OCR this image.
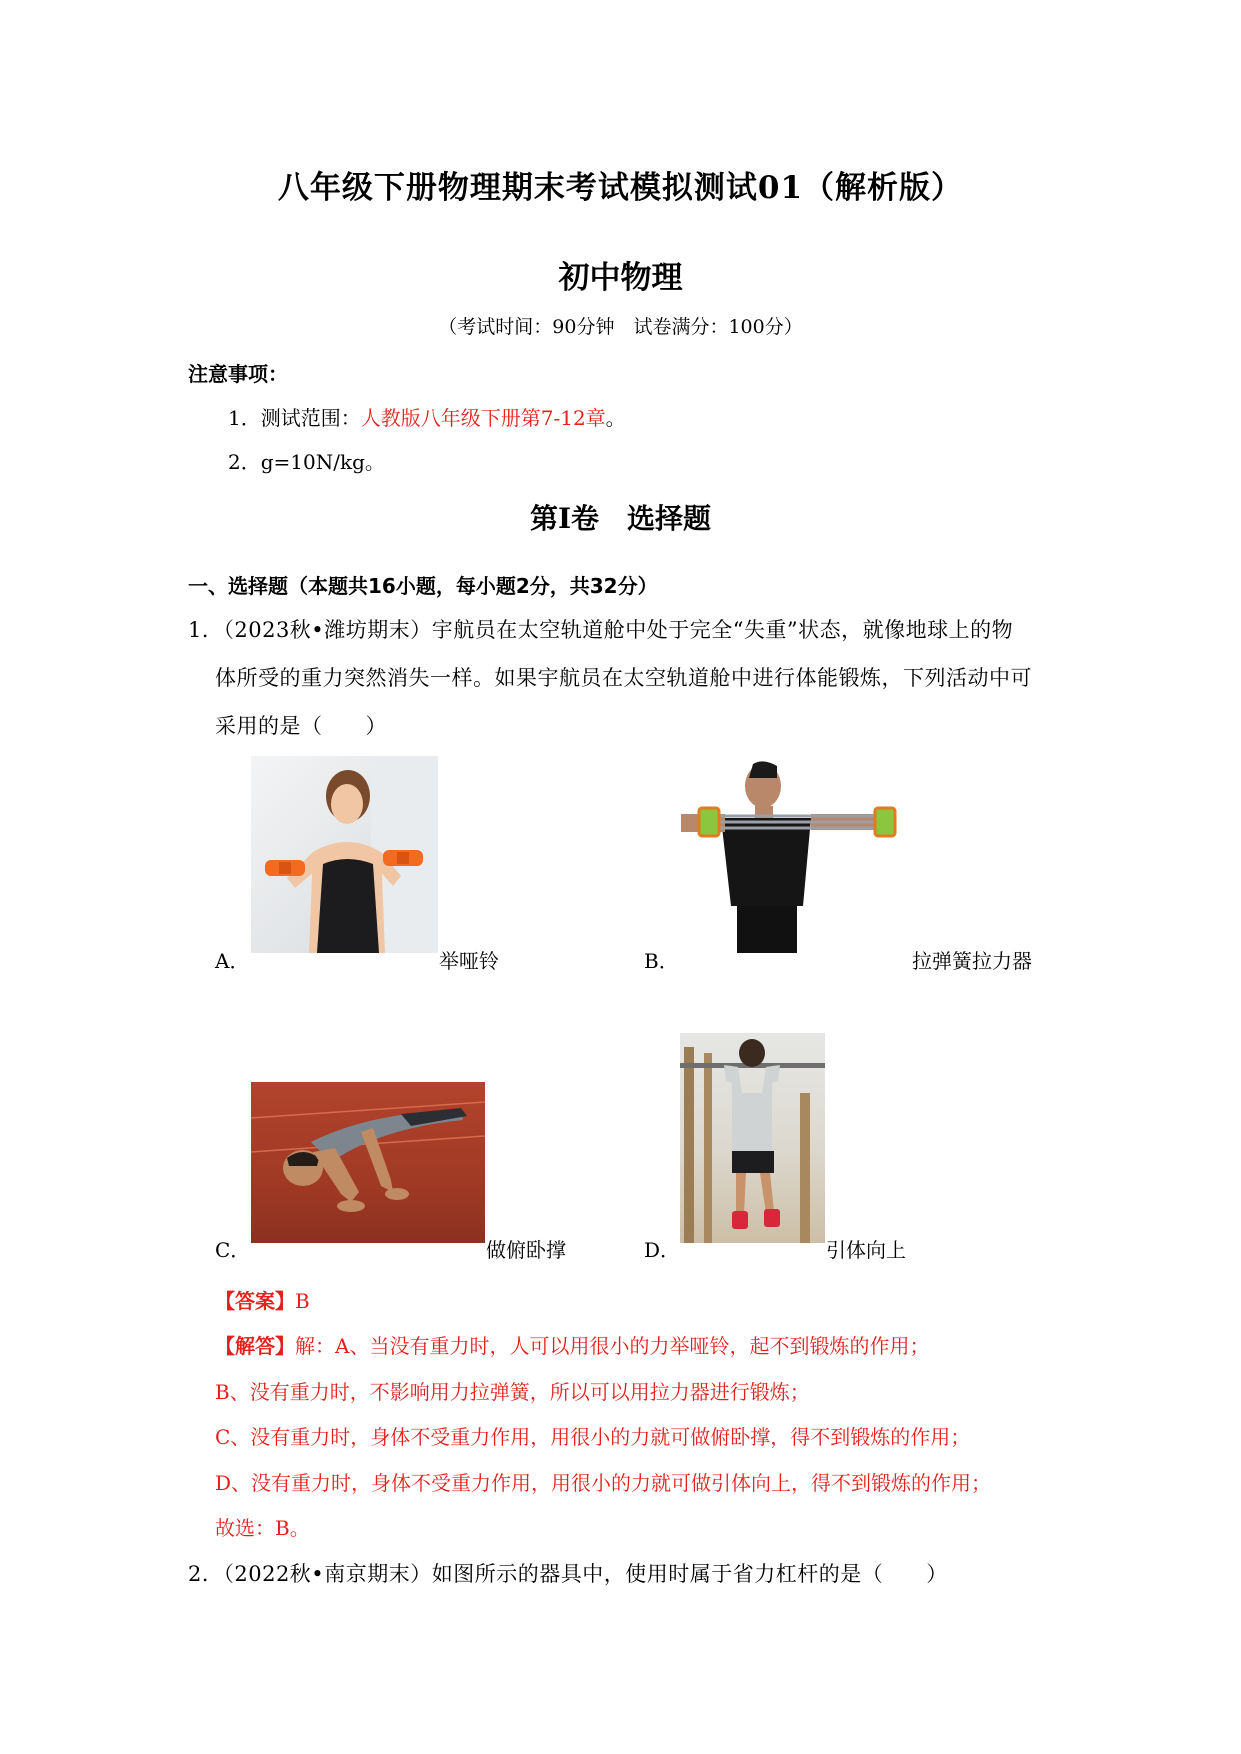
八年级下册物理期末考试模拟测试01（解析版）
初中物理
（考试时间：90分钟　试卷满分：100分）
注意事项：
1．测试范围：人教版八年级下册第7-12章。
2．g=10N/kg。
第Ⅰ卷　选择题
一、选择题（本题共16小题，每小题2分，共32分）
1．（2023秋•潍坊期末）宇航员在太空轨道舱中处于完全“失重”状态，就像地球上的物
体所受的重力突然消失一样。如果宇航员在太空轨道舱中进行体能锻炼，下列活动中可
采用的是（　　）
A．	举哑铃	B．	拉弹簧拉力器
C．	做俯卧撑	D．	引体向上
【答案】B
【解答】解：A、当没有重力时，人可以用很小的力举哑铃，起不到锻炼的作用；
B、没有重力时，不影响用力拉弹簧，所以可以用拉力器进行锻炼；
C、没有重力时，身体不受重力作用，用很小的力就可做俯卧撑，得不到锻炼的作用；
D、没有重力时，身体不受重力作用，用很小的力就可做引体向上，得不到锻炼的作用；
故选：B。
2．（2022秋•南京期末）如图所示的器具中，使用时属于省力杠杆的是（　　）
